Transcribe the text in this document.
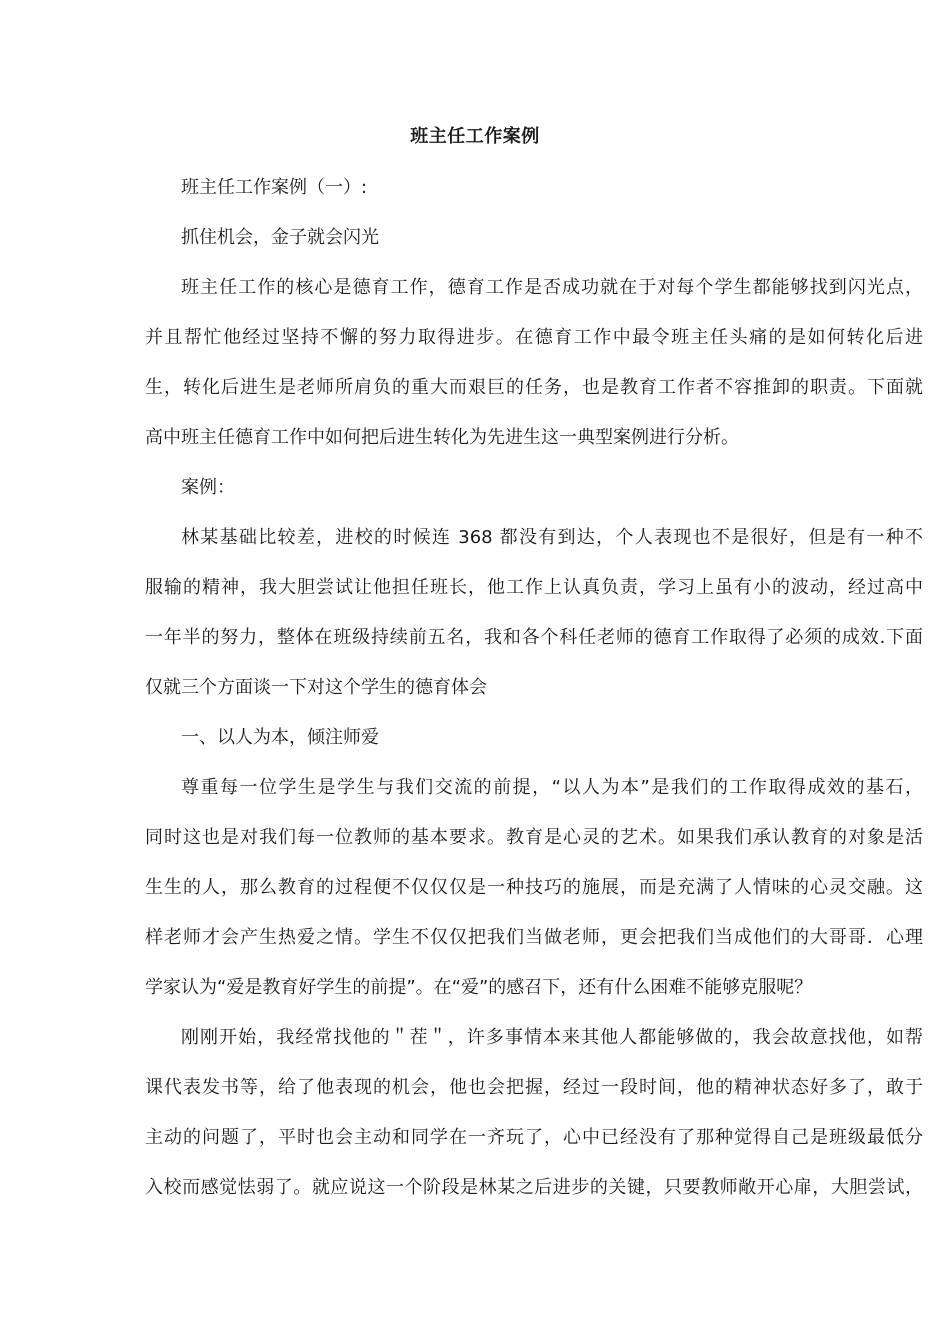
班主任工作案例
班主任工作案例（一）:
抓住机会，金子就会闪光
班主任工作的核心是德育工作，德育工作是否成功就在于对每个学生都能够找到闪光点，
并且帮忙他经过坚持不懈的努力取得进步。在德育工作中最令班主任头痛的是如何转化后进
生，转化后进生是老师所肩负的重大而艰巨的任务，也是教育工作者不容推卸的职责。下面就
高中班主任德育工作中如何把后进生转化为先进生这一典型案例进行分析。
案例：
林某基础比较差，进校的时候连 368 都没有到达，个人表现也不是很好，但是有一种不
服输的精神，我大胆尝试让他担任班长，他工作上认真负责，学习上虽有小的波动，经过高中
一年半的努力，整体在班级持续前五名，我和各个科任老师的德育工作取得了必须的成效.下面
仅就三个方面谈一下对这个学生的德育体会
一、以人为本，倾注师爱
尊重每一位学生是学生与我们交流的前提，“以人为本”是我们的工作取得成效的基石，
同时这也是对我们每一位教师的基本要求。教育是心灵的艺术。如果我们承认教育的对象是活
生生的人，那么教育的过程便不仅仅仅是一种技巧的施展，而是充满了人情味的心灵交融。这
样老师才会产生热爱之情。学生不仅仅把我们当做老师，更会把我们当成他们的大哥哥．心理
学家认为“爱是教育好学生的前提”。在“爱”的感召下，还有什么困难不能够克服呢？
刚刚开始，我经常找他的＂茬＂，许多事情本来其他人都能够做的，我会故意找他，如帮
课代表发书等，给了他表现的机会，他也会把握，经过一段时间，他的精神状态好多了，敢于
主动的问题了，平时也会主动和同学在一齐玩了，心中已经没有了那种觉得自己是班级最低分
入校而感觉怯弱了。就应说这一个阶段是林某之后进步的关键，只要教师敞开心扉，大胆尝试，
